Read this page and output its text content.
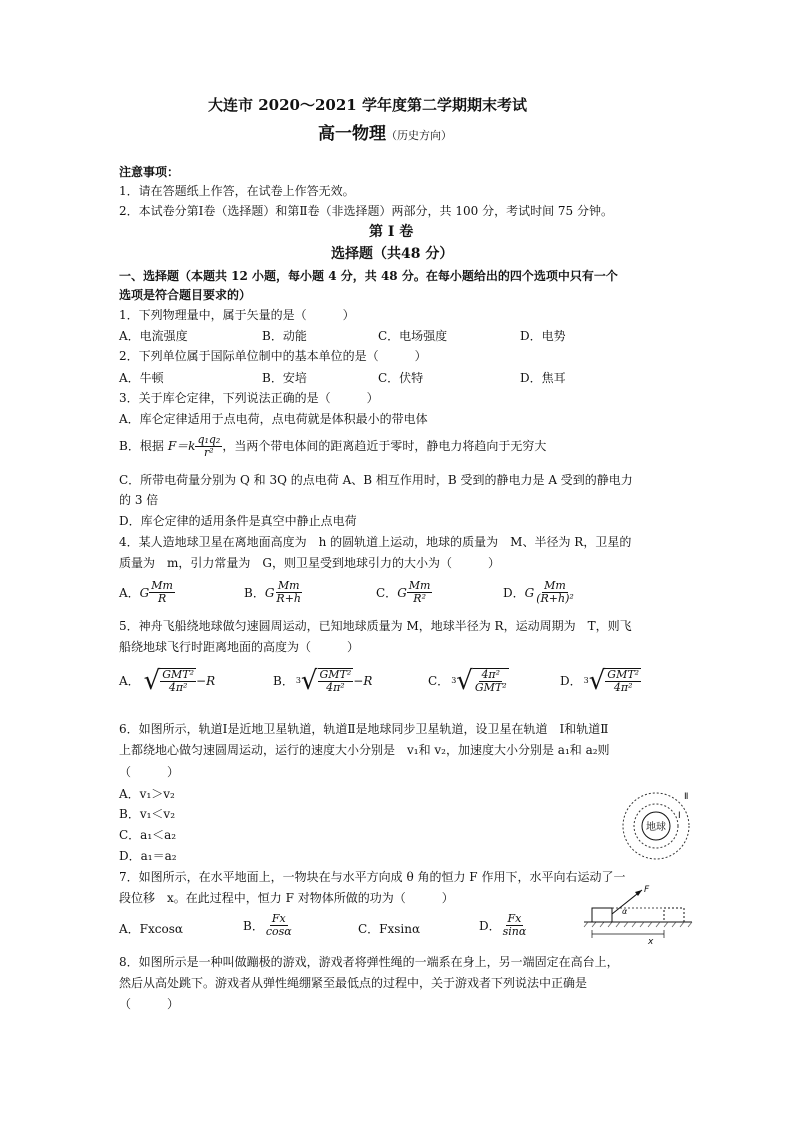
大连市 2020～2021 学年度第二学期期末考试
高一物理（历史方向）
注意事项：
1．请在答题纸上作答，在试卷上作答无效。
2．本试卷分第Ⅰ卷（选择题）和第Ⅱ卷（非选择题）两部分，共 100 分，考试时间 75 分钟。
第 Ⅰ 卷
选择题（共48 分）
一、选择题（本题共 12 小题，每小题 4 分，共 48 分。在每小题给出的四个选项中只有一个
选项是符合题目要求的）
1．下列物理量中，属于矢量的是（　　　）
A．电流强度	B．动能	C．电场强度	D．电势
2．下列单位属于国际单位制中的基本单位的是（　　　）
A．牛顿	B．安培	C．伏特	D．焦耳
3．关于库仑定律，下列说法正确的是（　　　）
A．库仑定律适用于点电荷，点电荷就是体积最小的带电体
B．根据 $F=k \frac{\text{q₁q₂}}{\text{r²}}$ ，当两个带电体间的距离趋近于零时，静电力将趋向于无穷大
C．所带电荷量分别为 Q 和 3Q 的点电荷 A、B 相互作用时，B 受到的静电力是 A 受到的静电力
的 3 倍
D．库仑定律的适用条件是真空中静止点电荷
4．某人造地球卫星在离地面高度为　h 的圆轨道上运动，地球的质量为　M、半径为 R，卫星的
质量为　m，引力常量为　G，则卫星受到地球引力的大小为（　　　）
A． G $\frac{Mm}{R}$	B． G $\frac{Mm}{R+h}$	C． G $\frac{Mm}{\text{R²}}$	D． G $\frac{Mm}{\text{(R+h)²}}$
5．神舟飞船绕地球做匀速圆周运动，已知地球质量为 M，地球半径为 R，运动周期为　T，则飞
船绕地球飞行时距离地面的高度为（　　　）
A． √ $\frac{\text{GMT²}}{\text{4π²}} -R$	B． 3 √ $\frac{\text{GMT²}}{\text{4π²}} -R$	C． 3 √ $\frac{\text{4π²}}{\text{GMT²}}$	D． 3 √ $\frac{\text{GMT²}}{\text{4π²}}$
6．如图所示，轨道Ⅰ是近地卫星轨道，轨道Ⅱ是地球同步卫星轨道，设卫星在轨道　Ⅰ和轨道Ⅱ
上都绕地心做匀速圆周运动，运行的速度大小分别是　v₁和 v₂，加速度大小分别是 a₁和 a₂则
（　　　）
A．v₁＞v₂
B．v₁＜v₂
C．a₁＜a₂
D．a₁＝a₂
地球
Ⅰ
Ⅱ
7．如图所示，在水平地面上，一物块在与水平方向成 θ 角的恒力 F 作用下，水平向右运动了一
段位移　x。在此过程中，恒力 F 对物体所做的功为（　　　）
A．Fxcosα	B． $\frac{Fx}{\cos\alpha}$	C．Fxsinα	D． $\frac{Fx}{\sin\alpha}$
F
α
x
8．如图所示是一种叫做蹦极的游戏，游戏者将弹性绳的一端系在身上，另一端固定在高台上，
然后从高处跳下。游戏者从弹性绳绷紧至最低点的过程中，关于游戏者下列说法中正确是
（　　　）
